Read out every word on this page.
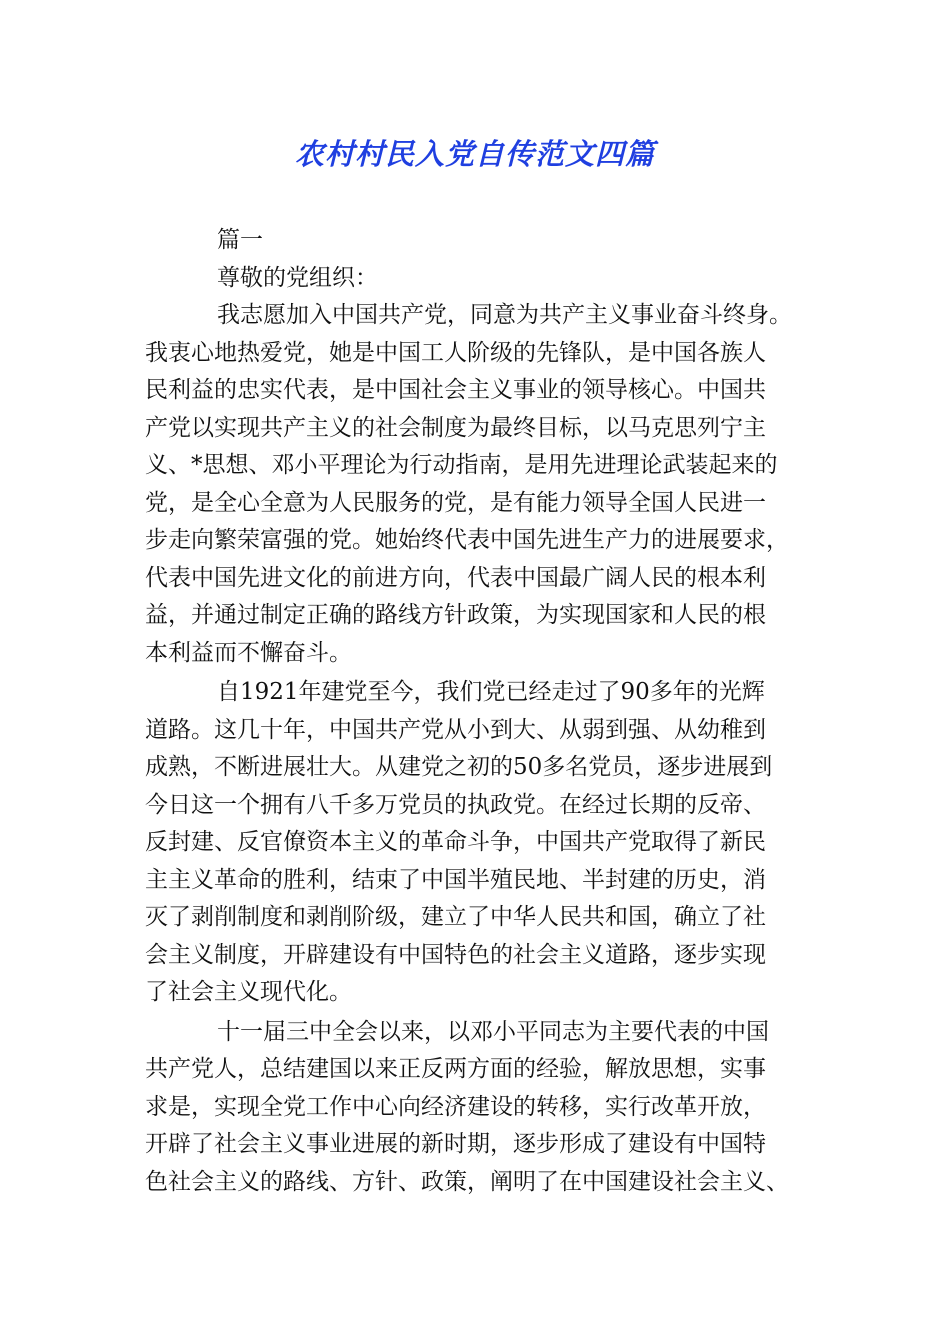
农村村民入党自传范文四篇
篇一
尊敬的党组织：
我志愿加入中国共产党，同意为共产主义事业奋斗终身。
我衷心地热爱党，她是中国工人阶级的先锋队，是中国各族人
民利益的忠实代表，是中国社会主义事业的领导核心。中国共
产党以实现共产主义的社会制度为最终目标，以马克思列宁主
义、*思想、邓小平理论为行动指南，是用先进理论武装起来的
党，是全心全意为人民服务的党，是有能力领导全国人民进一
步走向繁荣富强的党。她始终代表中国先进生产力的进展要求，
代表中国先进文化的前进方向，代表中国最广阔人民的根本利
益，并通过制定正确的路线方针政策，为实现国家和人民的根
本利益而不懈奋斗。
自1921年建党至今，我们党已经走过了90多年的光辉
道路。这几十年，中国共产党从小到大、从弱到强、从幼稚到
成熟，不断进展壮大。从建党之初的50多名党员，逐步进展到
今日这一个拥有八千多万党员的执政党。在经过长期的反帝、
反封建、反官僚资本主义的革命斗争，中国共产党取得了新民
主主义革命的胜利，结束了中国半殖民地、半封建的历史，消
灭了剥削制度和剥削阶级，建立了中华人民共和国，确立了社
会主义制度，开辟建设有中国特色的社会主义道路，逐步实现
了社会主义现代化。
十一届三中全会以来，以邓小平同志为主要代表的中国
共产党人，总结建国以来正反两方面的经验，解放思想，实事
求是，实现全党工作中心向经济建设的转移，实行改革开放，
开辟了社会主义事业进展的新时期，逐步形成了建设有中国特
色社会主义的路线、方针、政策，阐明了在中国建设社会主义、
